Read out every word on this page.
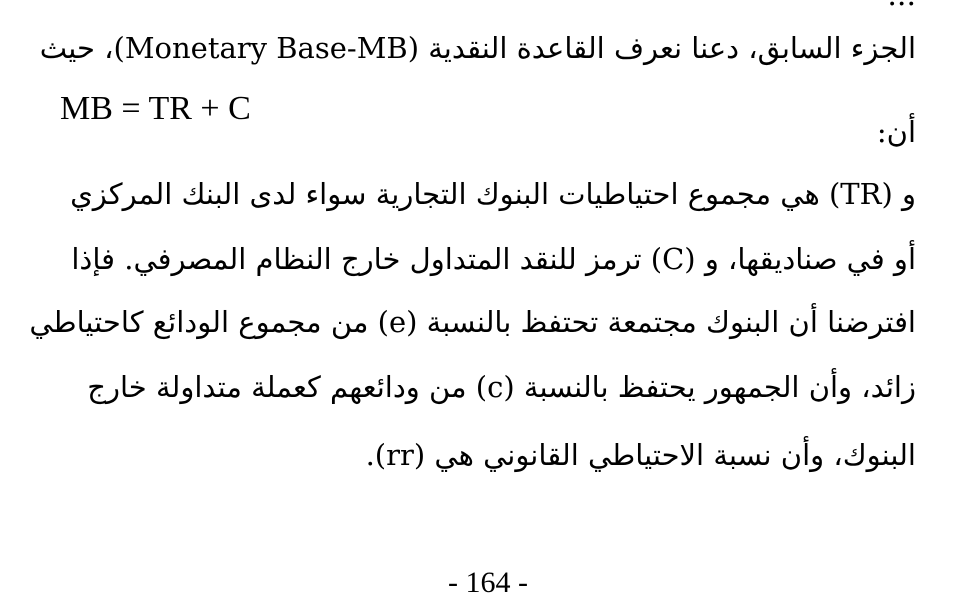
الجزء السابق، دعنا نعرف القاعدة النقدية (Monetary Base-MB)، حيث
MB = TR + C
أن:
و (TR) هي مجموع احتياطيات البنوك التجارية سواء لدى البنك المركزي
أو في صناديقها، و (C) ترمز للنقد المتداول خارج النظام المصرفي. فإذا
افترضنا أن البنوك مجتمعة تحتفظ بالنسبة (e) من مجموع الودائع كاحتياطي
زائد، وأن الجمهور يحتفظ بالنسبة (c) من ودائعهم كعملة متداولة خارج
البنوك، وأن نسبة الاحتياطي القانوني هي (rr).
- 164 -
